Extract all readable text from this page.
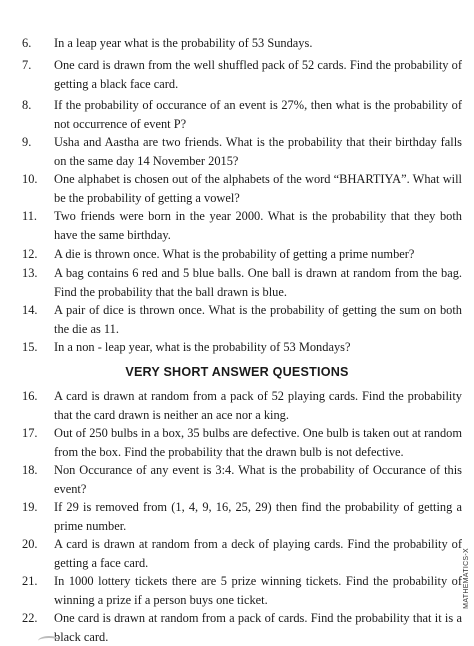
6.	In a leap year what is the probability of 53 Sundays.
7.	One card is drawn from the well shuffled pack of 52 cards. Find the probability of getting a black face card.
8.	If the probability of occurance of an event is 27%, then what is the probability of not occurrence of event P?
9.	Usha and Aastha are two friends. What is the probability that their birthday falls on the same day 14 November 2015?
10.	One alphabet is chosen out of the alphabets of the word “BHARTIYA”. What will be the probability of getting a vowel?
11.	Two friends were born in the year 2000. What is the probability that they both have the same birthday.
12.	A die is thrown once. What is the probability of getting a prime number?
13.	A bag contains 6 red and 5 blue balls. One ball is drawn at random from the bag. Find the probability that the ball drawn is blue.
14.	A pair of dice is thrown once. What is the probability of getting the sum on both the die as 11.
15.	In a non - leap year, what is the probability of 53 Mondays?
VERY SHORT ANSWER QUESTIONS
16.	A card is drawn at random from a pack of 52 playing cards. Find the probability that the card drawn is neither an ace nor a king.
17.	Out of 250 bulbs in a box, 35 bulbs are defective. One bulb is taken out at random from the box. Find the probability that the drawn bulb is not defective.
18.	Non Occurance of any event is 3:4. What is the probability of Occurance of this event?
19.	If 29 is removed from (1, 4, 9, 16, 25, 29) then find the probability of getting a prime number.
20.	A card is drawn at random from a deck of playing cards. Find the probability of getting a face card.
21.	In 1000 lottery tickets there are 5 prize winning tickets. Find the probability of winning a prize if a person buys one ticket.
22.	One card is drawn at random from a pack of cards. Find the probability that it is a black card.
MATHEMATICS-X
